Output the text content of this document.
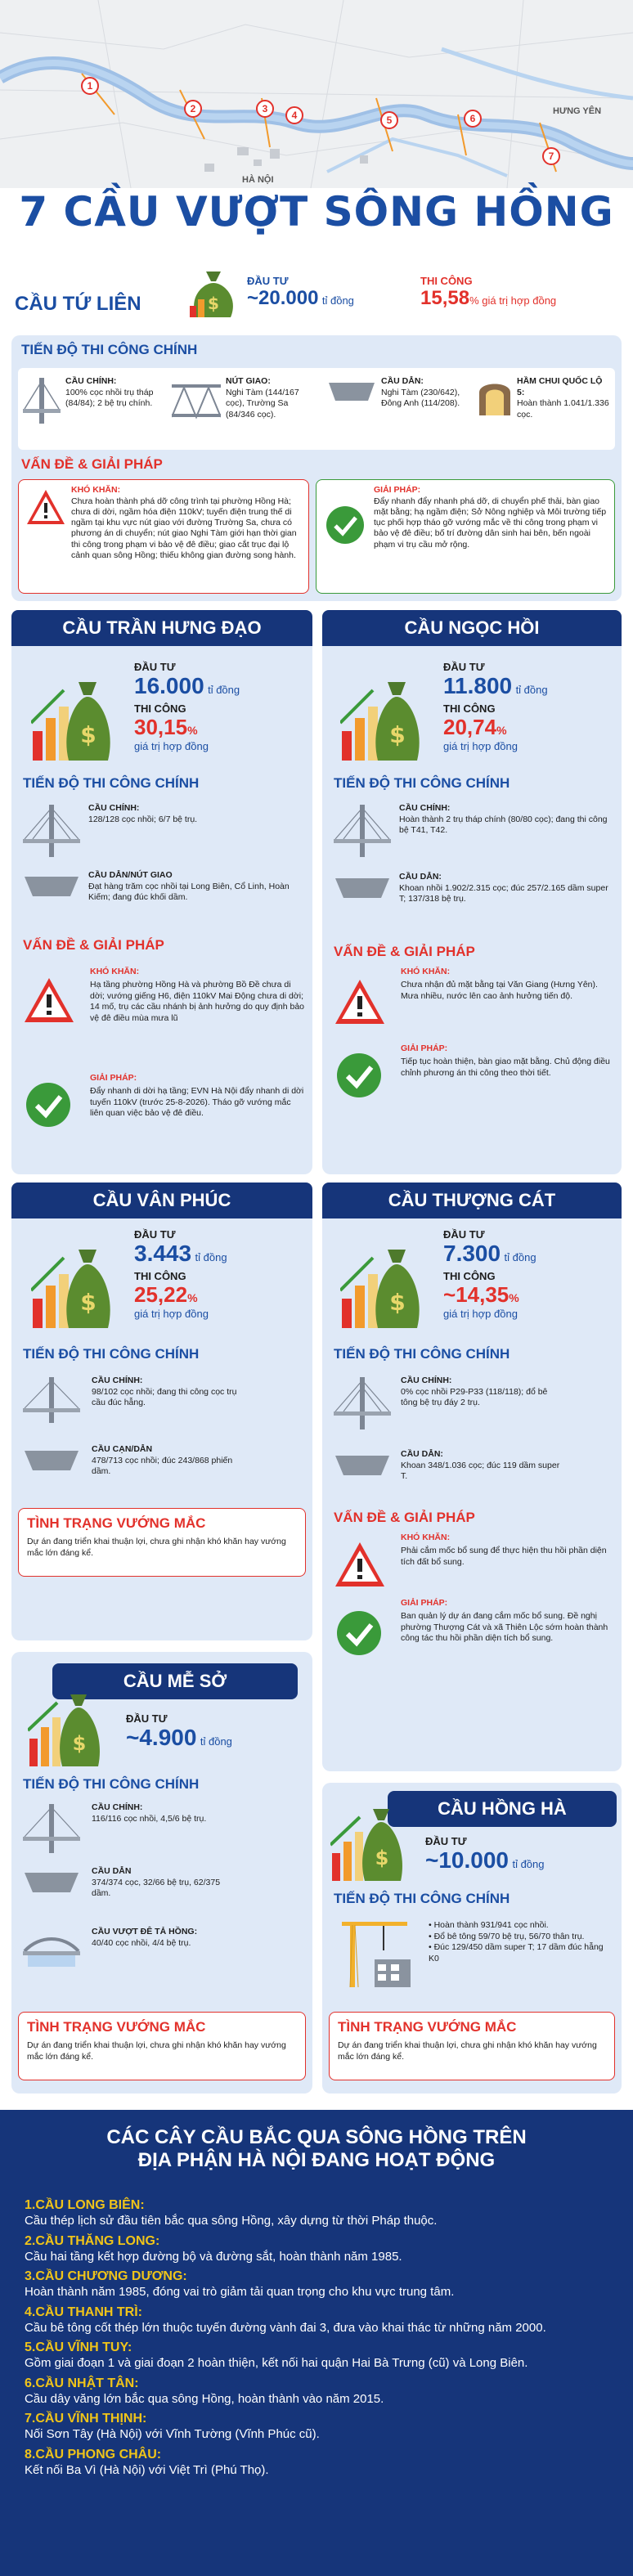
1
2	3
4	5	6
7
HÀ NỘI
HƯNG YÊN
7 CẦU VƯỢT SÔNG HỒNG
CẦU TỨ LIÊN	$
ĐẦU TƯ
~20.000 tỉ đồng
THI CÔNG
15,58% giá trị hợp đồng
TIẾN ĐỘ THI CÔNG CHÍNH
CẦU CHÍNH:
100% cọc nhồi trụ tháp (84/84); 2 bệ trụ chính.
NÚT GIAO:
Nghi Tàm (144/167 cọc), Trường Sa (84/346 cọc).
CẦU DẪN:
Nghi Tàm (230/642), Đông Anh (114/208).
HẦM CHUI QUỐC LỘ 5:
Hoàn thành 1.041/1.336 cọc.
VẤN ĐỀ & GIẢI PHÁP
KHÓ KHĂN:
Chưa hoàn thành phá dỡ công trình tại phường Hồng Hà; chưa di dời, ngầm hóa điện 110kV; tuyến điện trung thế di ngầm tại khu vực nút giao với đường Trường Sa, chưa có phương án di chuyển; nút giao Nghi Tàm giới hạn thời gian thi công trong phạm vi bảo vệ đê điều; giao cắt trục đại lộ cảnh quan sông Hồng; thiếu không gian đường song hành.
GIẢI PHÁP:
Đẩy nhanh đẩy nhanh phá dỡ, di chuyển phế thải, bàn giao mặt bằng; hạ ngầm điện; Sở Nông nghiệp và Môi trường tiếp tục phối hợp tháo gỡ vướng mắc về thi công trong phạm vi bảo vệ đê điều; bố trí đường dân sinh hai bên, bến ngoài phạm vi trụ cầu mở rộng.
CẦU TRẦN HƯNG ĐẠO
$
ĐẦU TƯ
16.000 tỉ đồng
THI CÔNG
30,15%
giá trị hợp đồng
TIẾN ĐỘ THI CÔNG CHÍNH
CẦU CHÍNH:
128/128 cọc nhồi; 6/7 bệ trụ.
CẦU DẪN/NÚT GIAO
Đạt hàng trăm cọc nhồi tại Long Biên, Cổ Linh, Hoàn Kiếm; đang đúc khối dầm.
VẤN ĐỀ & GIẢI PHÁP
KHÓ KHĂN:
Hạ tầng phường Hồng Hà và phường Bồ Đề chưa di dời; vướng giếng H6, điện 110kV Mai Động chưa di dời; 14 mố, trụ các cầu nhánh bị ảnh hưởng do quy định bảo vệ đê điều mùa mưa lũ
GIẢI PHÁP:
Đẩy nhanh di dời hạ tầng; EVN Hà Nội đẩy nhanh di dời tuyến 110kV (trước 25-8-2026). Tháo gỡ vướng mắc liên quan việc bảo vệ đê điều.
CẦU NGỌC HỒI
$
ĐẦU TƯ
11.800 tỉ đồng
THI CÔNG
20,74%
giá trị hợp đồng
TIẾN ĐỘ THI CÔNG CHÍNH
CẦU CHÍNH:
Hoàn thành 2 trụ tháp chính (80/80 cọc); đang thi công bệ T41, T42.
CẦU DẪN:
Khoan nhồi 1.902/2.315 cọc; đúc 257/2.165 dầm super T; 137/318 bệ trụ.
VẤN ĐỀ & GIẢI PHÁP
KHÓ KHĂN:
Chưa nhận đủ mặt bằng tại Văn Giang (Hưng Yên). Mưa nhiều, nước lên cao ảnh hưởng tiến độ.
GIẢI PHÁP:
Tiếp tục hoàn thiện, bàn giao mặt bằng. Chủ động điều chỉnh phương án thi công theo thời tiết.
CẦU VÂN PHÚC
$
ĐẦU TƯ
3.443 tỉ đồng
THI CÔNG
25,22%
giá trị hợp đồng
TIẾN ĐỘ THI CÔNG CHÍNH
CẦU CHÍNH:
98/102 cọc nhồi; đang thi công cọc trụ cầu đúc hẫng.
CẦU CẠN/DẪN
478/713 cọc nhồi; đúc 243/868 phiến dầm.
TÌNH TRẠNG VƯỚNG MẮC
Dự án đang triển khai thuận lợi, chưa ghi nhận khó khăn hay vướng mắc lớn đáng kể.
CẦU THƯỢNG CÁT
$
ĐẦU TƯ
7.300 tỉ đồng
THI CÔNG
~14,35%
giá trị hợp đồng
TIẾN ĐỘ THI CÔNG CHÍNH
CẦU CHÍNH:
0% cọc nhồi P29-P33 (118/118); đổ bê tông bệ trụ đáy 2 trụ.
CẦU DẪN:
Khoan 348/1.036 cọc; đúc 119 dầm super T.
VẤN ĐỀ & GIẢI PHÁP
KHÓ KHĂN:
Phải cắm mốc bổ sung để thực hiện thu hồi phần diện tích đất bổ sung.
GIẢI PHÁP:
Ban quản lý dự án đang cắm mốc bổ sung. Đề nghị phường Thượng Cát và xã Thiên Lộc sớm hoàn thành công tác thu hồi phần diện tích bổ sung.
CẦU MỄ SỞ
$
ĐẦU TƯ
~4.900 tỉ đồng
TIẾN ĐỘ THI CÔNG CHÍNH
CẦU CHÍNH:
116/116 cọc nhồi, 4,5/6 bệ trụ.
CẦU DẪN
374/374 cọc, 32/66 bệ trụ, 62/375 dầm.
CẦU VƯỢT ĐÊ TẢ HỒNG:
40/40 cọc nhồi, 4/4 bệ trụ.
TÌNH TRẠNG VƯỚNG MẮC
Dự án đang triển khai thuận lợi, chưa ghi nhận khó khăn hay vướng mắc lớn đáng kể.
CẦU HỒNG HÀ
$
ĐẦU TƯ
~10.000 tỉ đồng
TIẾN ĐỘ THI CÔNG CHÍNH
• Hoàn thành 931/941 cọc nhồi.
• Đổ bê tông 59/70 bệ trụ, 56/70 thân trụ.
• Đúc 129/450 dầm super T; 17 dầm đúc hẫng K0
TÌNH TRẠNG VƯỚNG MẮC
Dự án đang triển khai thuận lợi, chưa ghi nhận khó khăn hay vướng mắc lớn đáng kể.
CÁC CÂY CẦU BẮC QUA SÔNG HỒNG TRÊN
ĐỊA PHẬN HÀ NỘI ĐANG HOẠT ĐỘNG
1.CẦU LONG BIÊN:
Cầu thép lịch sử đầu tiên bắc qua sông Hồng, xây dựng từ thời Pháp thuộc.
2.CẦU THĂNG LONG:
Cầu hai tầng kết hợp đường bộ và đường sắt, hoàn thành năm 1985.
3.CẦU CHƯƠNG DƯƠNG:
Hoàn thành năm 1985, đóng vai trò giảm tải quan trọng cho khu vực trung tâm.
4.CẦU THANH TRÌ:
Cầu bê tông cốt thép lớn thuộc tuyến đường vành đai 3, đưa vào khai thác từ những năm 2000.
5.CẦU VĨNH TUY:
Gồm giai đoạn 1 và giai đoạn 2 hoàn thiện, kết nối hai quận Hai Bà Trưng (cũ) và Long Biên.
6.CẦU NHẬT TÂN:
Cầu dây văng lớn bắc qua sông Hồng, hoàn thành vào năm 2015.
7.CẦU VĨNH THỊNH:
Nối Sơn Tây (Hà Nội) với Vĩnh Tường (Vĩnh Phúc cũ).
8.CẦU PHONG CHÂU:
Kết nối Ba Vì (Hà Nội) với Việt Trì (Phú Thọ).
